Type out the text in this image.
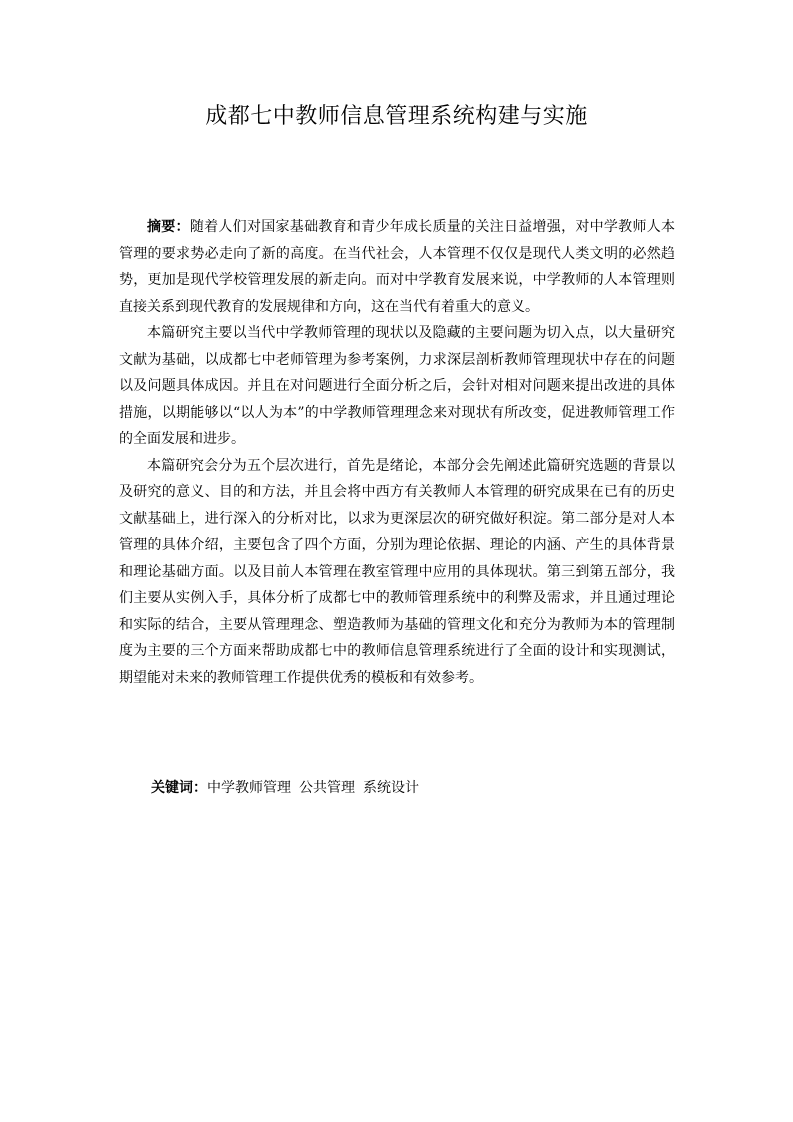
成都七中教师信息管理系统构建与实施

摘要：随着人们对国家基础教育和青少年成长质量的关注日益增强，对中学教师人本管理的要求势必走向了新的高度。在当代社会，人本管理不仅仅是现代人类文明的必然趋势，更加是现代学校管理发展的新走向。而对中学教育发展来说，中学教师的人本管理则直接关系到现代教育的发展规律和方向，这在当代有着重大的意义。

本篇研究主要以当代中学教师管理的现状以及隐藏的主要问题为切入点，以大量研究文献为基础，以成都七中老师管理为参考案例，力求深层剖析教师管理现状中存在的问题以及问题具体成因。并且在对问题进行全面分析之后，会针对相对问题来提出改进的具体措施，以期能够以“以人为本”的中学教师管理理念来对现状有所改变，促进教师管理工作的全面发展和进步。

本篇研究会分为五个层次进行，首先是绪论，本部分会先阐述此篇研究选题的背景以及研究的意义、目的和方法，并且会将中西方有关教师人本管理的研究成果在已有的历史文献基础上，进行深入的分析对比，以求为更深层次的研究做好积淀。第二部分是对人本管理的具体介绍，主要包含了四个方面，分别为理论依据、理论的内涵、产生的具体背景和理论基础方面。以及目前人本管理在教室管理中应用的具体现状。第三到第五部分，我们主要从实例入手，具体分析了成都七中的教师管理系统中的利弊及需求，并且通过理论和实际的结合，主要从管理理念、塑造教师为基础的管理文化和充分为教师为本的管理制度为主要的三个方面来帮助成都七中的教师信息管理系统进行了全面的设计和实现测试，期望能对未来的教师管理工作提供优秀的模板和有效参考。

关键词：中学教师管理 公共管理 系统设计
